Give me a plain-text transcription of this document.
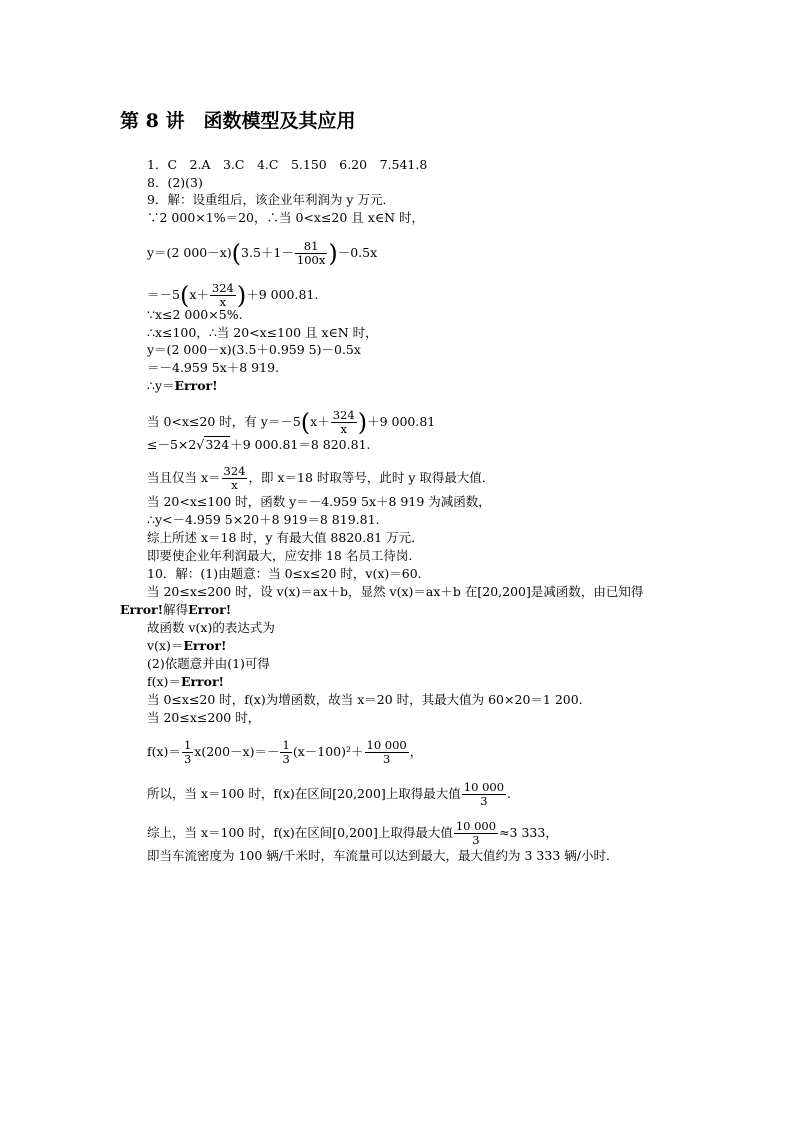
第 8 讲　函数模型及其应用
1．C　2.A　3.C　4.C　5.150　6.20　7.541.8
8．(2)(3)
9．解：设重组后，该企业年利润为 y 万元．
∵2 000×1%＝20，∴当 0<x≤20 且 x∈N 时，
y＝(2 $000-x)(3.5+1- \frac{81}{100x} )-0.5x$
$=-5(x+ \frac{324}{x} )+9$ 000.81.
∵x≤2 000×5%.
∴x≤100，∴当 20<x≤100 且 x∈N 时，
y＝(2 000－x)(3.5＋0.959 5)－0.5x
＝－4.959 5x＋8 919.
∴y＝Error!
当 0<x≤20 时，有 $y=-5(x+ \frac{324}{x} )+9$ 000.81
≤－5×2√324＋9 000.81＝8 820.81.
当且仅当 $x= \frac{324}{x}$ ，即 x＝18 时取等号，此时 y 取得最大值．
当 20<x≤100 时，函数 y＝－4.959 5x＋8 919 为减函数，
∴y<－4.959 5×20＋8 919＝8 819.81.
综上所述 x＝18 时，y 有最大值 8820.81 万元．
即要使企业年利润最大，应安排 18 名员工待岗．
10．解：(1)由题意：当 0≤x≤20 时，v(x)＝60.
当 20≤x≤200 时，设 v(x)＝ax＋b，显然 v(x)＝ax＋b 在[20,200]是减函数，由已知得
Error!解得Error!
故函数 v(x)的表达式为
v(x)＝Error!
(2)依题意并由(1)可得
f(x)＝Error!
当 0≤x≤20 时，f(x)为增函数，故当 x＝20 时，其最大值为 60×20＝1 200.
当 20≤x≤200 时，
$f(x)= \frac{1}{3} x(200-x)=- \frac{1}{3} (x-100)^2+ \frac{10 000}{3}$ ，
所以，当 x＝100 时，f(x)在区间[20,200]上取得最大值 $\frac{10 000}{3}$ .
综上，当 x＝100 时，f(x)在区间[0,200]上取得最大值 $\frac{10 000}{3} \approx 3$ 333，
即当车流密度为 100 辆/千米时，车流量可以达到最大，最大值约为 3 333 辆/小时．
